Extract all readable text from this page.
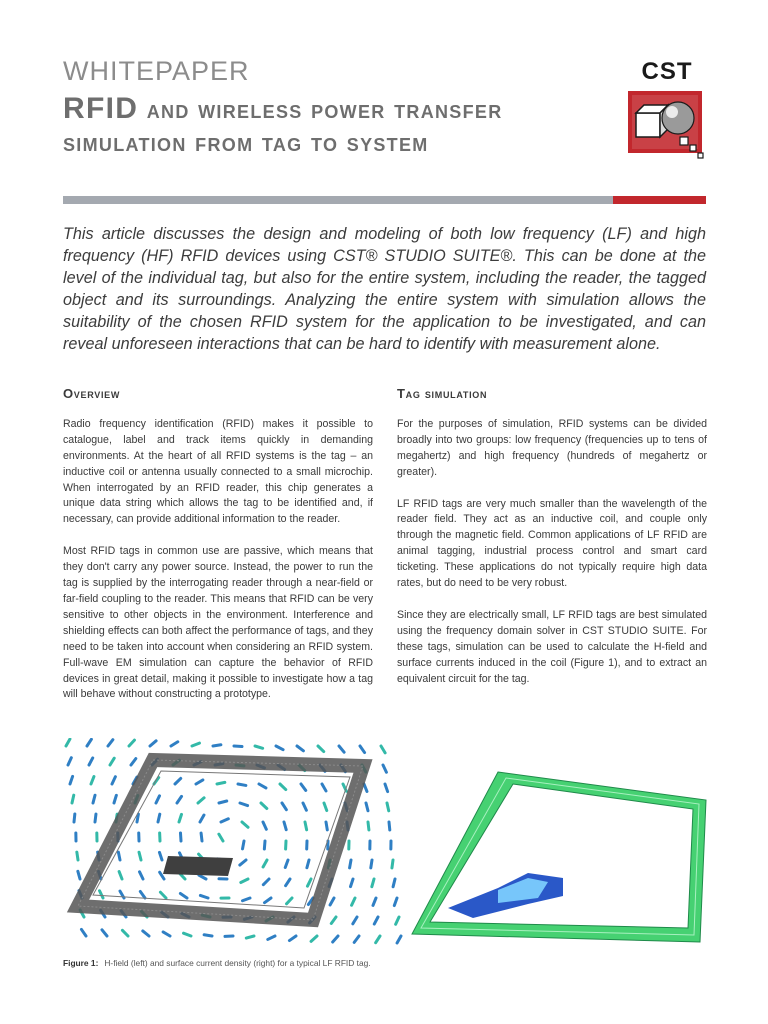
WHITEPAPER
RFID and wireless power transfer
simulation from tag to system
CST
This article discusses the design and modeling of both low frequency (LF) and high frequency (HF) RFID devices using CST® STUDIO SUITE®. This can be done at the level of the individual tag, but also for the entire system, including the reader, the tagged object and its surroundings. Analyzing the entire system with simulation allows the suitability of the chosen RFID system for the application to be investigated, and can reveal unforeseen interactions that can be hard to identify with measurement alone.
Overview

Radio frequency identification (RFID) makes it possible to catalogue, label and track items quickly in demanding environments. At the heart of all RFID systems is the tag – an inductive coil or antenna usually connected to a small microchip. When interrogated by an RFID reader, this chip generates a unique data string which allows the tag to be identified and, if necessary, can provide additional information to the reader.

Most RFID tags in common use are passive, which means that they don't carry any power source. Instead, the power to run the tag is supplied by the interrogating reader through a near-field or far-field coupling to the reader. This means that RFID can be very sensitive to other objects in the environment. Interference and shielding effects can both affect the performance of tags, and they need to be taken into account when considering an RFID system. Full-wave EM simulation can capture the behavior of RFID devices in great detail, making it possible to investigate how a tag will behave without constructing a prototype.

Tag simulation

For the purposes of simulation, RFID systems can be divided broadly into two groups: low frequency (frequencies up to tens of megahertz) and high frequency (hundreds of megahertz or greater).

LF RFID tags are very much smaller than the wavelength of the reader field. They act as an inductive coil, and couple only through the magnetic field. Common applications of LF RFID are animal tagging, industrial process control and smart card ticketing. These applications do not typically require high data rates, but do need to be very robust.

Since they are electrically small, LF RFID tags are best simulated using the frequency domain solver in CST STUDIO SUITE. For these tags, simulation can be used to calculate the H-field and surface currents induced in the coil (Figure 1), and to extract an equivalent circuit for the tag.

Figure 1: H-field (left) and surface current density (right) for a typical LF RFID tag.
